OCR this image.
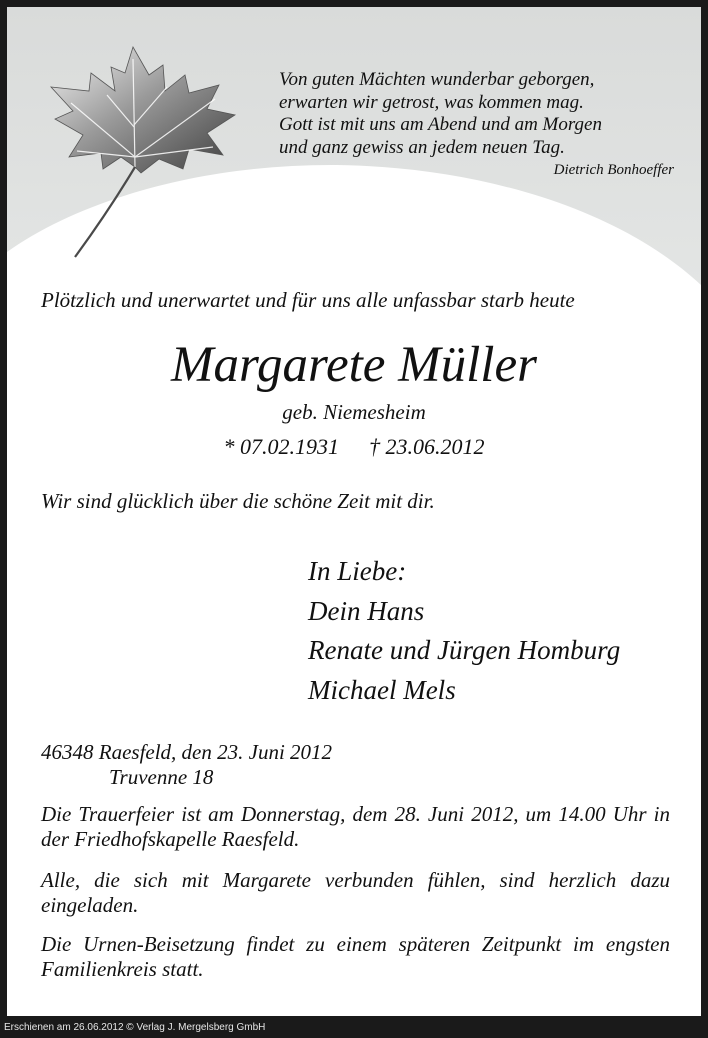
Von guten Mächten wunderbar geborgen,
erwarten wir getrost, was kommen mag.
Gott ist mit uns am Abend und am Morgen
und ganz gewiss an jedem neuen Tag.
Dietrich Bonhoeffer
Plötzlich und unerwartet und für uns alle unfassbar starb heute
Margarete Müller
geb. Niemesheim
* 07.02.1931 † 23.06.2012
Wir sind glücklich über die schöne Zeit mit dir.
In Liebe:
Dein Hans
Renate und Jürgen Homburg
Michael Mels
46348 Raesfeld, den 23. Juni 2012
Truvenne 18
Die Trauerfeier ist am Donnerstag, dem 28. Juni 2012, um 14.00 Uhr in der Friedhofskapelle Raesfeld.
Alle, die sich mit Margarete verbunden fühlen, sind herzlich dazu eingeladen.
Die Urnen-Beisetzung findet zu einem späteren Zeitpunkt im engsten Familienkreis statt.
Erschienen am 26.06.2012 © Verlag J. Mergelsberg GmbH
